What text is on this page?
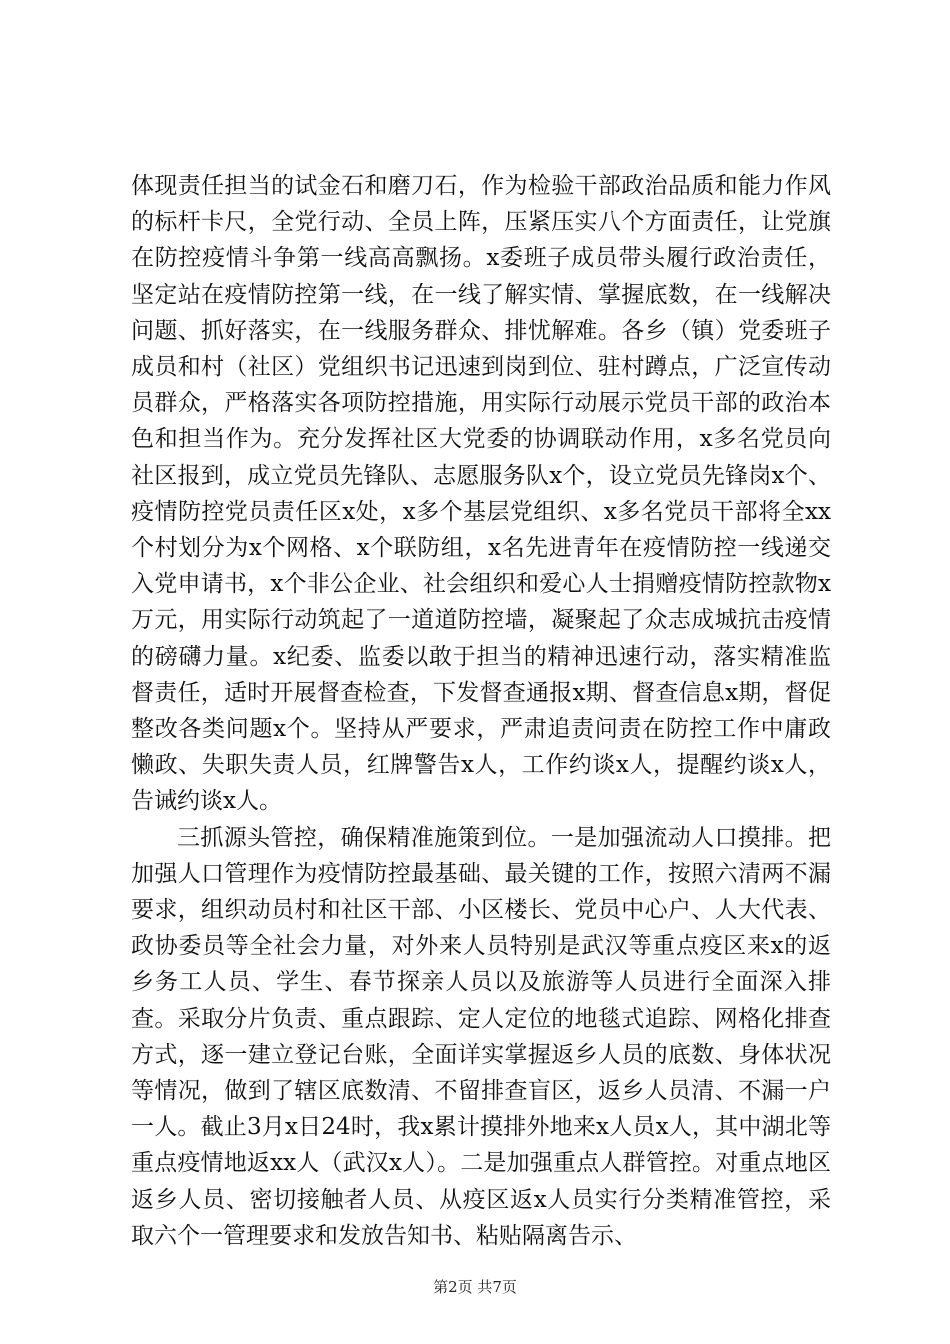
体现责任担当的试金石和磨刀石，作为检验干部政治品质和能力作风的标杆卡尺，全党行动、全员上阵，压紧压实八个方面责任，让党旗在防控疫情斗争第一线高高飘扬。x委班子成员带头履行政治责任，坚定站在疫情防控第一线，在一线了解实情、掌握底数，在一线解决问题、抓好落实，在一线服务群众、排忧解难。各乡（镇）党委班子成员和村（社区）党组织书记迅速到岗到位、驻村蹲点，广泛宣传动员群众，严格落实各项防控措施，用实际行动展示党员干部的政治本色和担当作为。充分发挥社区大党委的协调联动作用，x多名党员向社区报到，成立党员先锋队、志愿服务队x个，设立党员先锋岗x个、疫情防控党员责任区x处，x多个基层党组织、x多名党员干部将全xx个村划分为x个网格、x个联防组，x名先进青年在疫情防控一线递交入党申请书，x个非公企业、社会组织和爱心人士捐赠疫情防控款物x万元，用实际行动筑起了一道道防控墙，凝聚起了众志成城抗击疫情的磅礴力量。x纪委、监委以敢于担当的精神迅速行动，落实精准监督责任，适时开展督查检查，下发督查通报x期、督查信息x期，督促整改各类问题x个。坚持从严要求，严肃追责问责在防控工作中庸政懒政、失职失责人员，红牌警告x人，工作约谈x人，提醒约谈x人，告诫约谈x人。

三抓源头管控，确保精准施策到位。一是加强流动人口摸排。把加强人口管理作为疫情防控最基础、最关键的工作，按照六清两不漏要求，组织动员村和社区干部、小区楼长、党员中心户、人大代表、政协委员等全社会力量，对外来人员特别是武汉等重点疫区来x的返乡务工人员、学生、春节探亲人员以及旅游等人员进行全面深入排查。采取分片负责、重点跟踪、定人定位的地毯式追踪、网格化排查方式，逐一建立登记台账，全面详实掌握返乡人员的底数、身体状况等情况，做到了辖区底数清、不留排查盲区，返乡人员清、不漏一户一人。截止3月x日24时，我x累计摸排外地来x人员x人，其中湖北等重点疫情地返xx人（武汉x人）。二是加强重点人群管控。对重点地区返乡人员、密切接触者人员、从疫区返x人员实行分类精准管控，采取六个一管理要求和发放告知书、粘贴隔离告示、

第2页 共7页
